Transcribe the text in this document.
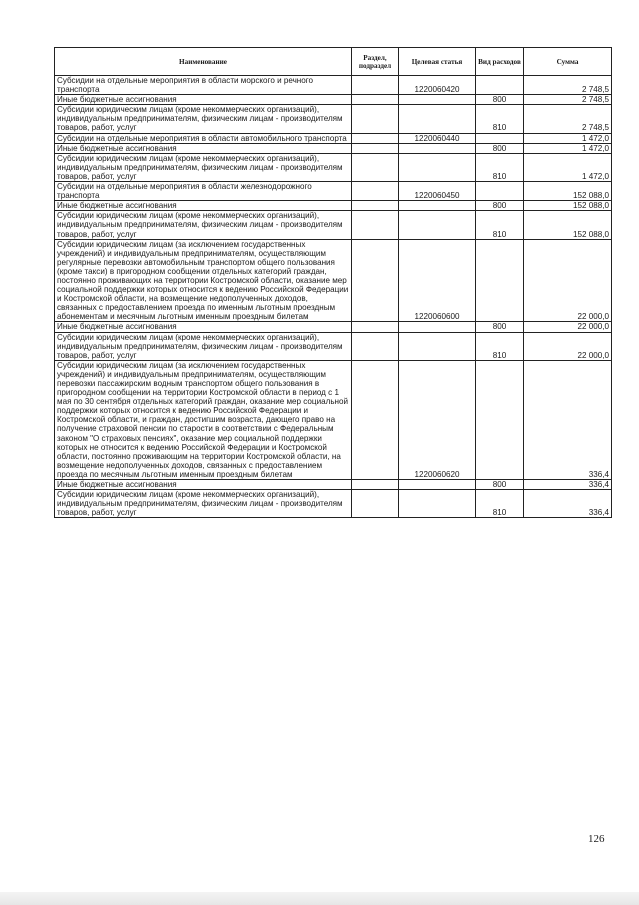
Наименование	Раздел, подраздел	Целевая статья	Вид расходов	Сумма
Субсидии на отдельные мероприятия в области морского и речного транспорта		1220060420		2 748,5
Иные бюджетные ассигнования			800	2 748,5
Субсидии юридическим лицам (кроме некоммерческих организаций), индивидуальным предпринимателям, физическим лицам - производителям товаров, работ, услуг			810	2 748,5
Субсидии на отдельные мероприятия в области автомобильного транспорта		1220060440		1 472,0
Иные бюджетные ассигнования			800	1 472,0
Субсидии юридическим лицам (кроме некоммерческих организаций), индивидуальным предпринимателям, физическим лицам - производителям товаров, работ, услуг			810	1 472,0
Субсидии на отдельные мероприятия в области железнодорожного транспорта		1220060450		152 088,0
Иные бюджетные ассигнования			800	152 088,0
Субсидии юридическим лицам (кроме некоммерческих организаций), индивидуальным предпринимателям, физическим лицам - производителям товаров, работ, услуг			810	152 088,0
Субсидии юридическим лицам (за исключением государственных учреждений) и индивидуальным предпринимателям, осуществляющим регулярные перевозки автомобильным транспортом общего пользования (кроме такси) в пригородном сообщении отдельных категорий граждан, постоянно проживающих на территории Костромской области, оказание мер социальной поддержки которых относится к ведению Российской Федерации и Костромской области, на возмещение недополученных доходов, связанных с предоставлением проезда по именным льготным проездным абонементам и месячным льготным именным проездным билетам		1220060600		22 000,0
Иные бюджетные ассигнования			800	22 000,0
Субсидии юридическим лицам (кроме некоммерческих организаций), индивидуальным предпринимателям, физическим лицам - производителям товаров, работ, услуг			810	22 000,0
Субсидии юридическим лицам (за исключением государственных учреждений) и индивидуальным предпринимателям, осуществляющим перевозки пассажирским водным транспортом общего пользования в пригородном сообщении на территории Костромской области в период с 1 мая по 30 сентября отдельных категорий граждан, оказание мер социальной поддержки которых относится к ведению Российской Федерации и Костромской области, и граждан, достигшим возраста, дающего право на получение страховой пенсии по старости в соответствии с Федеральным законом "О страховых пенсиях", оказание мер социальной поддержки которых не относится к ведению Российской Федерации и Костромской области, постоянно проживающим на территории Костромской области, на возмещение недополученных доходов, связанных с предоставлением проезда по месячным льготным именным проездным билетам		1220060620		336,4
Иные бюджетные ассигнования			800	336,4
Субсидии юридическим лицам (кроме некоммерческих организаций), индивидуальным предпринимателям, физическим лицам - производителям товаров, работ, услуг			810	336,4
126
